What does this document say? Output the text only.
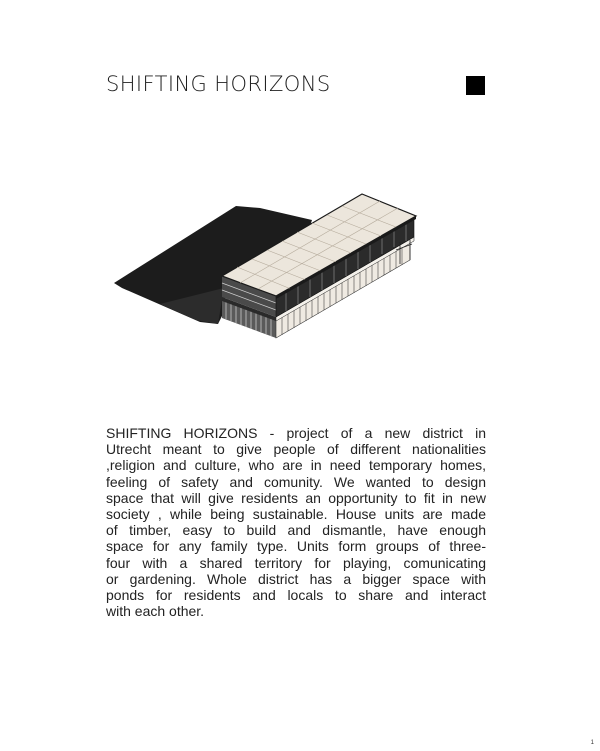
SHIFTING HORIZONS
SHIFTING HORIZONS - project of a new district in
Utrecht meant to give people of different nationalities
,religion and culture, who are in need temporary homes,
feeling of safety and comunity. We wanted to design
space that will give residents an opportunity to fit in new
society , while being sustainable. House units are made
of timber, easy to build and dismantle, have enough
space for any family type. Units form groups of three-
four with a shared territory for playing, comunicating
or gardening. Whole district has a bigger space with
ponds for residents and locals to share and interact
with each other.
1
